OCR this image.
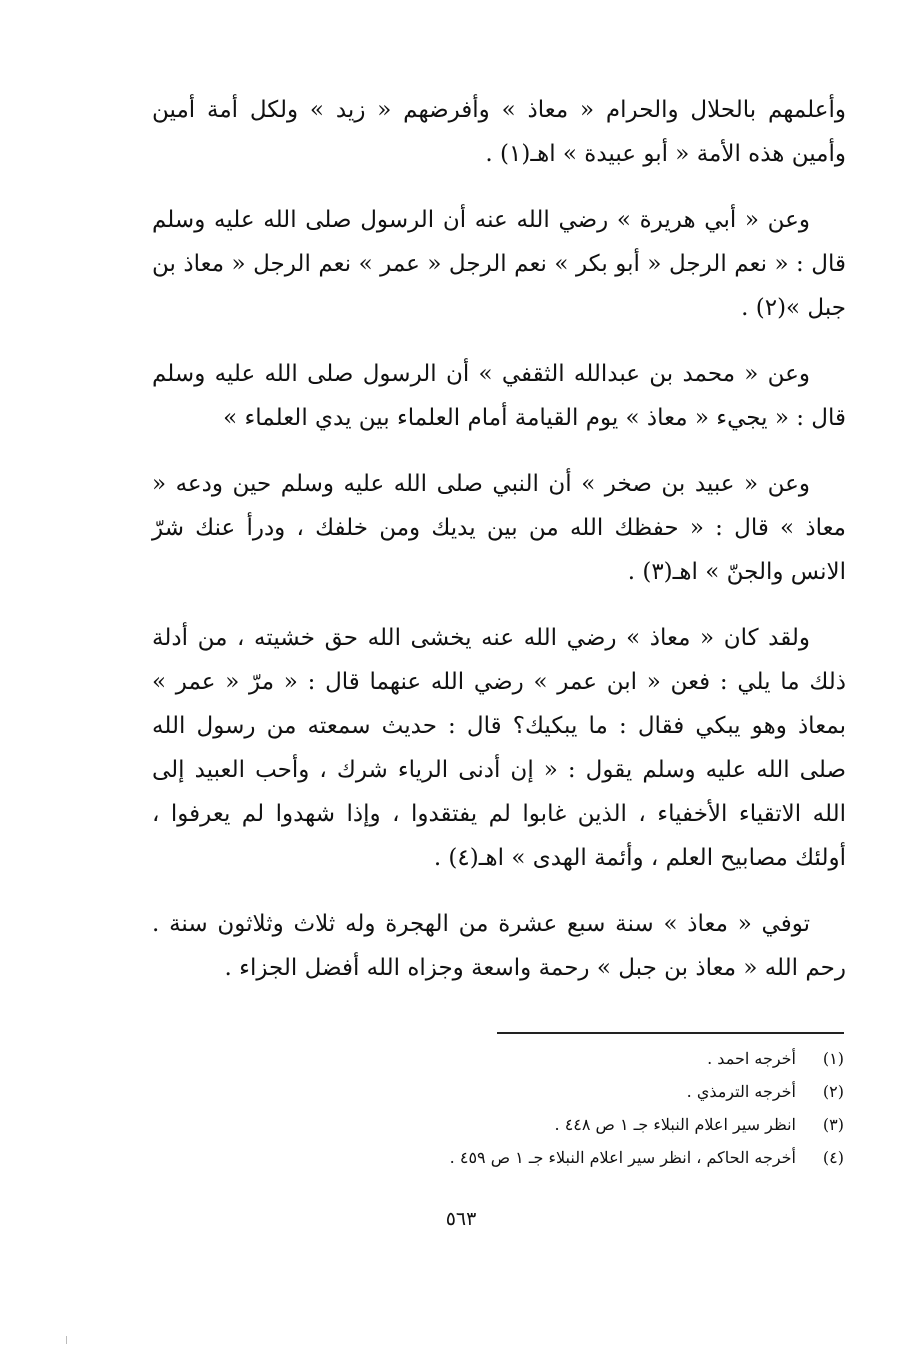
وأعلمهم بالحلال والحرام « معاذ » وأفرضهم « زيد » ولكل أمة أمين وأمين هذه الأمة « أبو عبيدة » اهـ(١) .

وعن « أبي هريرة » رضي الله عنه أن الرسول صلى الله عليه وسلم قال : « نعم الرجل « أبو بكر » نعم الرجل « عمر » نعم الرجل « معاذ بن جبل »(٢) .

وعن « محمد بن عبدالله الثقفي » أن الرسول صلى الله عليه وسلم قال : « يجيء « معاذ » يوم القيامة أمام العلماء بين يدي العلماء »

وعن « عبيد بن صخر » أن النبي صلى الله عليه وسلم حين ودعه « معاذ » قال : « حفظك الله من بين يديك ومن خلفك ، ودرأ عنك شرّ الانس والجنّ » اهـ(٣) .

ولقد كان « معاذ » رضي الله عنه يخشى الله حق خشيته ، من أدلة ذلك ما يلي : فعن « ابن عمر » رضي الله عنهما قال : « مرّ « عمر » بمعاذ وهو يبكي فقال : ما يبكيك؟ قال : حديث سمعته من رسول الله صلى الله عليه وسلم يقول : « إن أدنى الرياء شرك ، وأحب العبيد إلى الله الاتقياء الأخفياء ، الذين غابوا لم يفتقدوا ، وإذا شهدوا لم يعرفوا ، أولئك مصابيح العلم ، وأئمة الهدى » اهـ(٤) .

توفي « معاذ » سنة سبع عشرة من الهجرة وله ثلاث وثلاثون سنة . رحم الله « معاذ بن جبل » رحمة واسعة وجزاه الله أفضل الجزاء .

(١)
أخرجه احمد .
(٢)
أخرجه الترمذي .
(٣)
انظر سير اعلام النبلاء جـ ١ ص ٤٤٨ .
(٤)
أخرجه الحاكم ، انظر سير اعلام النبلاء جـ ١ ص ٤٥٩ .
٥٦٣
